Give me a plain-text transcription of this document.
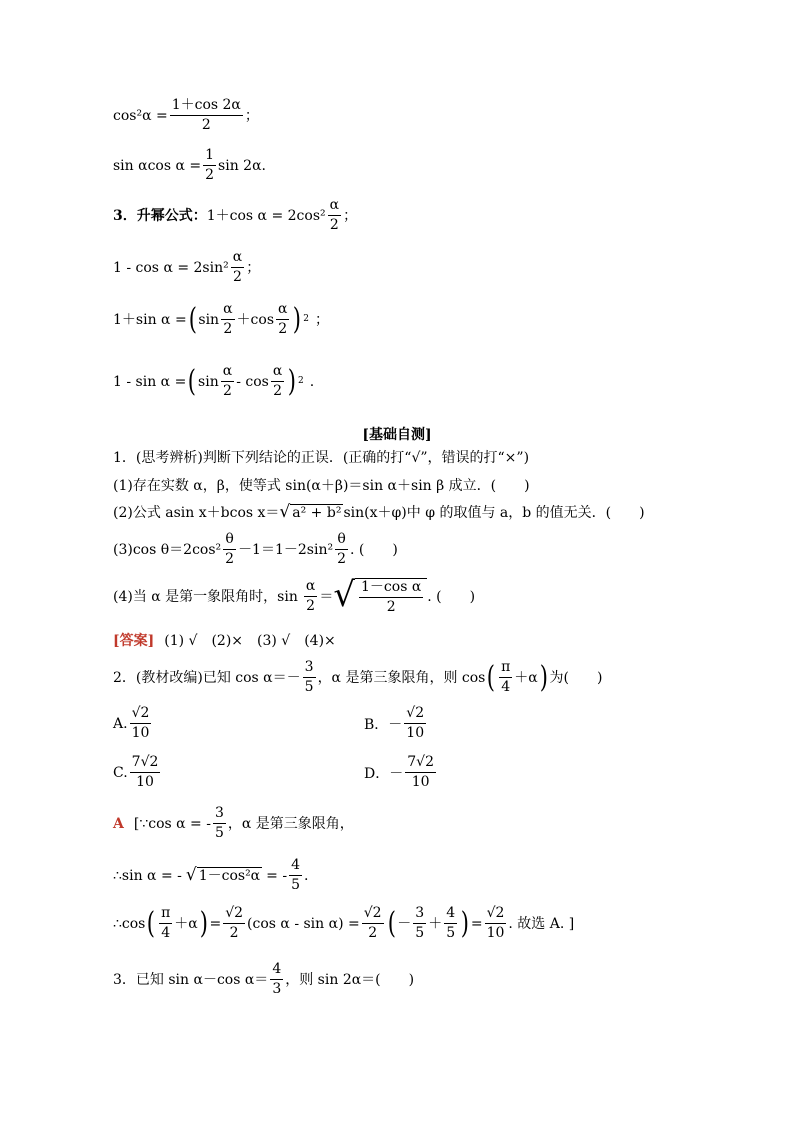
$\cos^2\alpha = \frac{1+\cos 2\alpha}{2}$ ；
sin αcos $\alpha = \frac{1}{2}$ sin 2α.
3．升幂公式： 1＋cos $\alpha = 2\cos^2 \frac{\alpha}{2}$ ；
$1 - \cos \alpha = 2\sin^2 \frac{\alpha}{2}$ ；
1＋sin α = ( $\sin \frac{\alpha}{2} +\cos \frac{\alpha}{2}$ ) 2 ；
1 - sin α = ( $\sin \frac{\alpha}{2}$ - $\cos \frac{\alpha}{2}$ ) 2 .
[基础自测]
1．(思考辨析)判断下列结论的正误．(正确的打“√”，错误的打“×”)
(1)存在实数 α，β，使等式 sin(α＋β)＝sin α＋sin β 成立．(　　)
(2)公式 asin x＋bcos x＝ √ a² + b² sin(x＋φ)中 φ 的取值与 a，b 的值无关．(　　)
(3)cos $\theta=2\cos^2 \frac{\theta}{2} -1=1-2\sin^2 \frac{\theta}{2}$ . (　　)
(4)当 α 是第一象限角时，$\sin \frac{\alpha}{2}$ ＝ √ $\frac{\text{1－cos α}}{2}$ . (　　)
[答案] (1) √　(2)×　(3) √　(4)×
2．(教材改编)已知 $\cos \alpha=- \frac{3}{5}$ ，α 是第三象限角，则 cos ( $\frac{\pi}{4} +\alpha$ ) 为(　　)
A. $\frac{√2}{10}$	B．－ $\frac{√2}{10}$
C. $\frac{7√2}{10}$	D．－ $\frac{7√2}{10}$
A [∵cos α = - $\frac{3}{5}$ ，α 是第三象限角，
∴sin α = - √ 1－cos²α = - $\frac{4}{5}$ .
∴cos ( $\frac{\pi}{4} +\alpha$ ) = $\frac{√2}{2} (\cos$ $\alpha - \sin \alpha) = \frac{√2}{2}$ ( － $\frac{3}{5} + \frac{4}{5}$ ) = $\frac{√2}{10}$ . 故选 A. ]
3．已知 sin α－cos $\alpha= \frac{4}{3}$ ，则 sin 2α＝(　　)
